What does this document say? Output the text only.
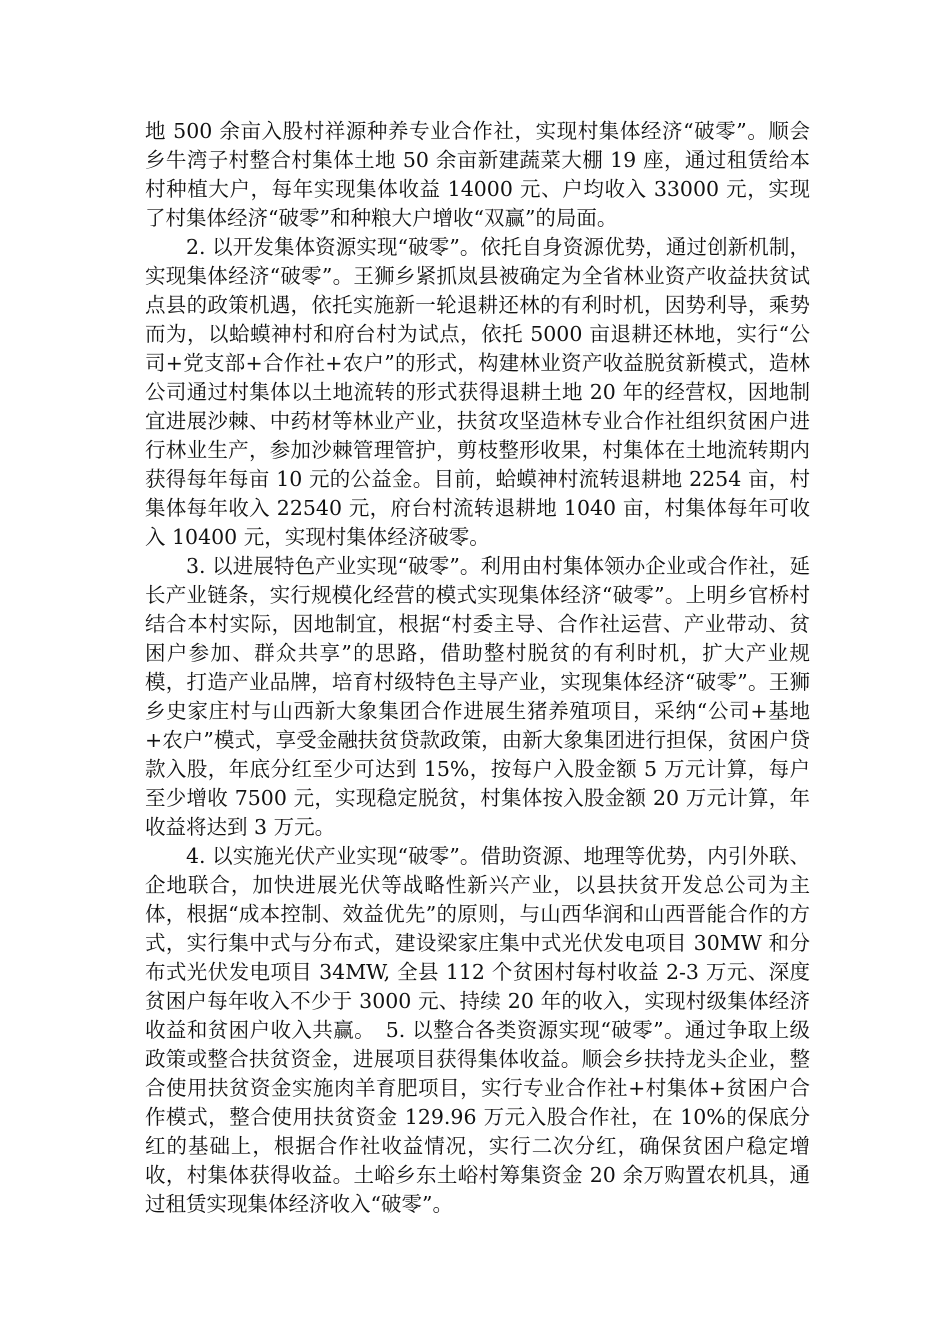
地 500 余亩入股村祥源种养专业合作社，实现村集体经济“破零”。顺会乡牛湾子村整合村集体土地 50 余亩新建蔬菜大棚 19 座，通过租赁给本村种植大户，每年实现集体收益 14000 元、户均收入 33000 元，实现了村集体经济“破零”和种粮大户增收“双赢”的局面。

2. 以开发集体资源实现“破零”。依托自身资源优势，通过创新机制，实现集体经济“破零”。王狮乡紧抓岚县被确定为全省林业资产收益扶贫试点县的政策机遇，依托实施新一轮退耕还林的有利时机，因势利导，乘势而为，以蛤蟆神村和府台村为试点，依托 5000 亩退耕还林地，实行“公司+党支部+合作社+农户”的形式，构建林业资产收益脱贫新模式，造林公司通过村集体以土地流转的形式获得退耕土地 20 年的经营权，因地制宜进展沙棘、中药材等林业产业，扶贫攻坚造林专业合作社组织贫困户进行林业生产，参加沙棘管理管护，剪枝整形收果，村集体在土地流转期内获得每年每亩 10 元的公益金。目前，蛤蟆神村流转退耕地 2254 亩，村集体每年收入 22540 元，府台村流转退耕地 1040 亩，村集体每年可收入 10400 元，实现村集体经济破零。

3. 以进展特色产业实现“破零”。利用由村集体领办企业或合作社，延长产业链条，实行规模化经营的模式实现集体经济“破零”。上明乡官桥村结合本村实际，因地制宜，根据“村委主导、合作社运营、产业带动、贫困户参加、群众共享”的思路，借助整村脱贫的有利时机，扩大产业规模，打造产业品牌，培育村级特色主导产业，实现集体经济“破零”。王狮乡史家庄村与山西新大象集团合作进展生猪养殖项目，采纳“公司+基地+农户”模式，享受金融扶贫贷款政策，由新大象集团进行担保，贫困户贷款入股，年底分红至少可达到 15%，按每户入股金额 5 万元计算，每户至少增收 7500 元，实现稳定脱贫，村集体按入股金额 20 万元计算，年收益将达到 3 万元。

4. 以实施光伏产业实现“破零”。借助资源、地理等优势，内引外联、企地联合，加快进展光伏等战略性新兴产业，以县扶贫开发总公司为主体，根据“成本控制、效益优先”的原则，与山西华润和山西晋能合作的方式，实行集中式与分布式，建设梁家庄集中式光伏发电项目 30MW 和分布式光伏发电项目 34MW, 全县 112 个贫困村每村收益 2-3 万元、深度贫困户每年收入不少于 3000 元、持续 20 年的收入，实现村级集体经济收益和贫困户收入共赢。　5. 以整合各类资源实现“破零”。通过争取上级政策或整合扶贫资金，进展项目获得集体收益。顺会乡扶持龙头企业，整合使用扶贫资金实施肉羊育肥项目，实行专业合作社+村集体+贫困户合作模式，整合使用扶贫资金 129.96 万元入股合作社，在 10%的保底分红的基础上，根据合作社收益情况，实行二次分红，确保贫困户稳定增收，村集体获得收益。土峪乡东土峪村筹集资金 20 余万购置农机具，通过租赁实现集体经济收入“破零”。
